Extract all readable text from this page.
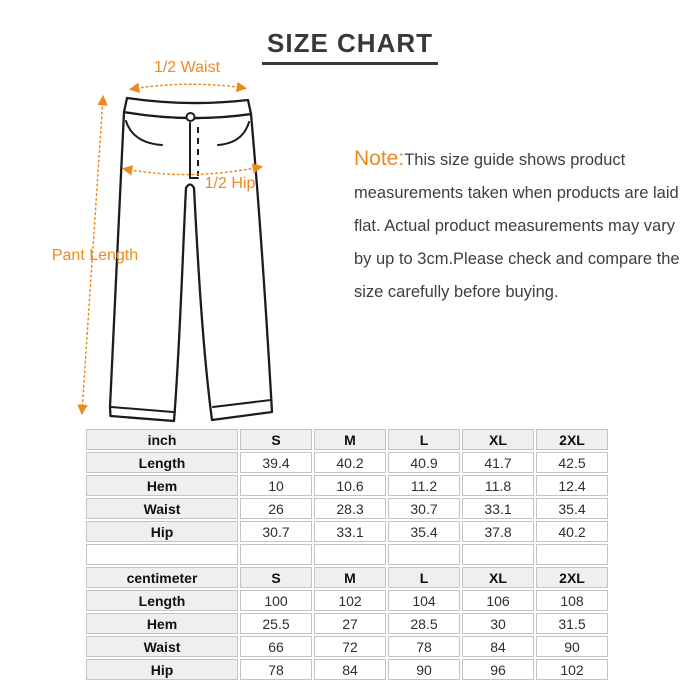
SIZE CHART
1/2 Waist
1/2 Hip
Pant Length
Note:This size guide shows product measurements taken when products are laid flat. Actual product measurements may vary by up to 3cm.Please check and compare the size carefully before buying.
inch	S	M	L	XL	2XL
Length	39.4	40.2	40.9	41.7	42.5
Hem	10	10.6	11.2	11.8	12.4
Waist	26	28.3	30.7	33.1	35.4
Hip	30.7	33.1	35.4	37.8	40.2

centimeter	S	M	L	XL	2XL
Length	100	102	104	106	108
Hem	25.5	27	28.5	30	31.5
Waist	66	72	78	84	90
Hip	78	84	90	96	102
